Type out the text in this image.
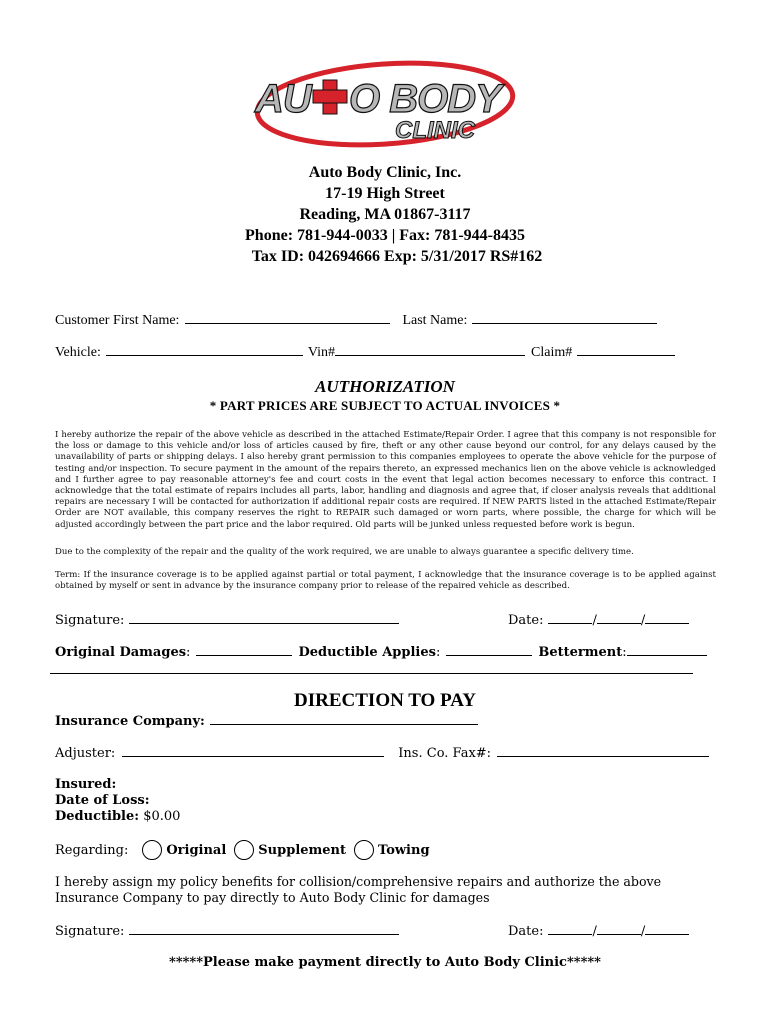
AU O BODY
CLINIC
Auto Body Clinic, Inc.
17-19 High Street
Reading, MA 01867-3117
Phone: 781-944-0033 | Fax: 781-944-8435
Tax ID: 042694666 Exp: 5/31/2017 RS#162
Customer First Name:	Last Name:
Vehicle:	Vin#	Claim#
AUTHORIZATION
* PART PRICES ARE SUBJECT TO ACTUAL INVOICES *
I hereby authorize the repair of the above vehicle as described in the attached Estimate/Repair Order. I agree that this company is not responsible for the loss or damage to this vehicle and/or loss of articles caused by fire, theft or any other cause beyond our control, for any delays caused by the unavailability of parts or shipping delays. I also hereby grant permission to this companies employees to operate the above vehicle for the purpose of testing and/or inspection. To secure payment in the amount of the repairs thereto, an expressed mechanics lien on the above vehicle is acknowledged and I further agree to pay reasonable attorney's fee and court costs in the event that legal action becomes necessary to enforce this contract. I acknowledge that the total estimate of repairs includes all parts, labor, handling and diagnosis and agree that, if closer analysis reveals that additional repairs are necessary I will be contacted for authorization if additional repair costs are required. If NEW PARTS listed in the attached Estimate/Repair Order are NOT available, this company reserves the right to REPAIR such damaged or worn parts, where possible, the charge for which will be adjusted accordingly between the part price and the labor required. Old parts will be junked unless requested before work is begun.
Due to the complexity of the repair and the quality of the work required, we are unable to always guarantee a specific delivery time.
Term: If the insurance coverage is to be applied against partial or total payment, I acknowledge that the insurance coverage is to be applied against obtained by myself or sent in advance by the insurance company prior to release of the repaired vehicle as described.
Signature:	Date:	/	/
Original Damages :	Deductible Applies :	Betterment :
DIRECTION TO PAY
Insurance Company:
Adjuster:	Ins. Co. Fax#:
Insured:
Date of Loss:
Deductible: $0.00
Regarding:	Original Supplement Towing
I hereby assign my policy benefits for collision/comprehensive repairs and authorize the above Insurance Company to pay directly to Auto Body Clinic for damages
Signature:	Date:	/	/
*****Please make payment directly to Auto Body Clinic*****
